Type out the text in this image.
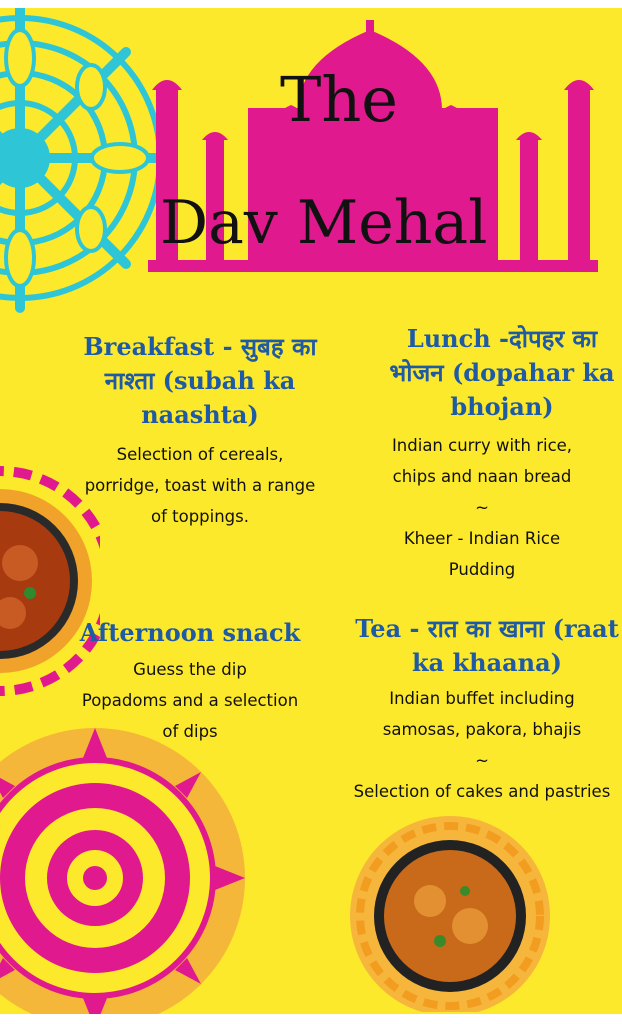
The
Dav Mehal
Breakfast - सुबह का
नाश्ता (subah ka
naashta)
Selection of cereals,
porridge, toast with a range
of toppings.
Lunch -दोपहर का
भोजन (dopahar ka
bhojan)
Indian curry with rice,
chips and naan bread
~
Kheer - Indian Rice
Pudding
Afternoon snack
Guess the dip
Popadoms and a selection
of dips
Tea - रात का खाना (raat
ka khaana)
Indian buffet including
samosas, pakora, bhajis
~
Selection of cakes and pastries
